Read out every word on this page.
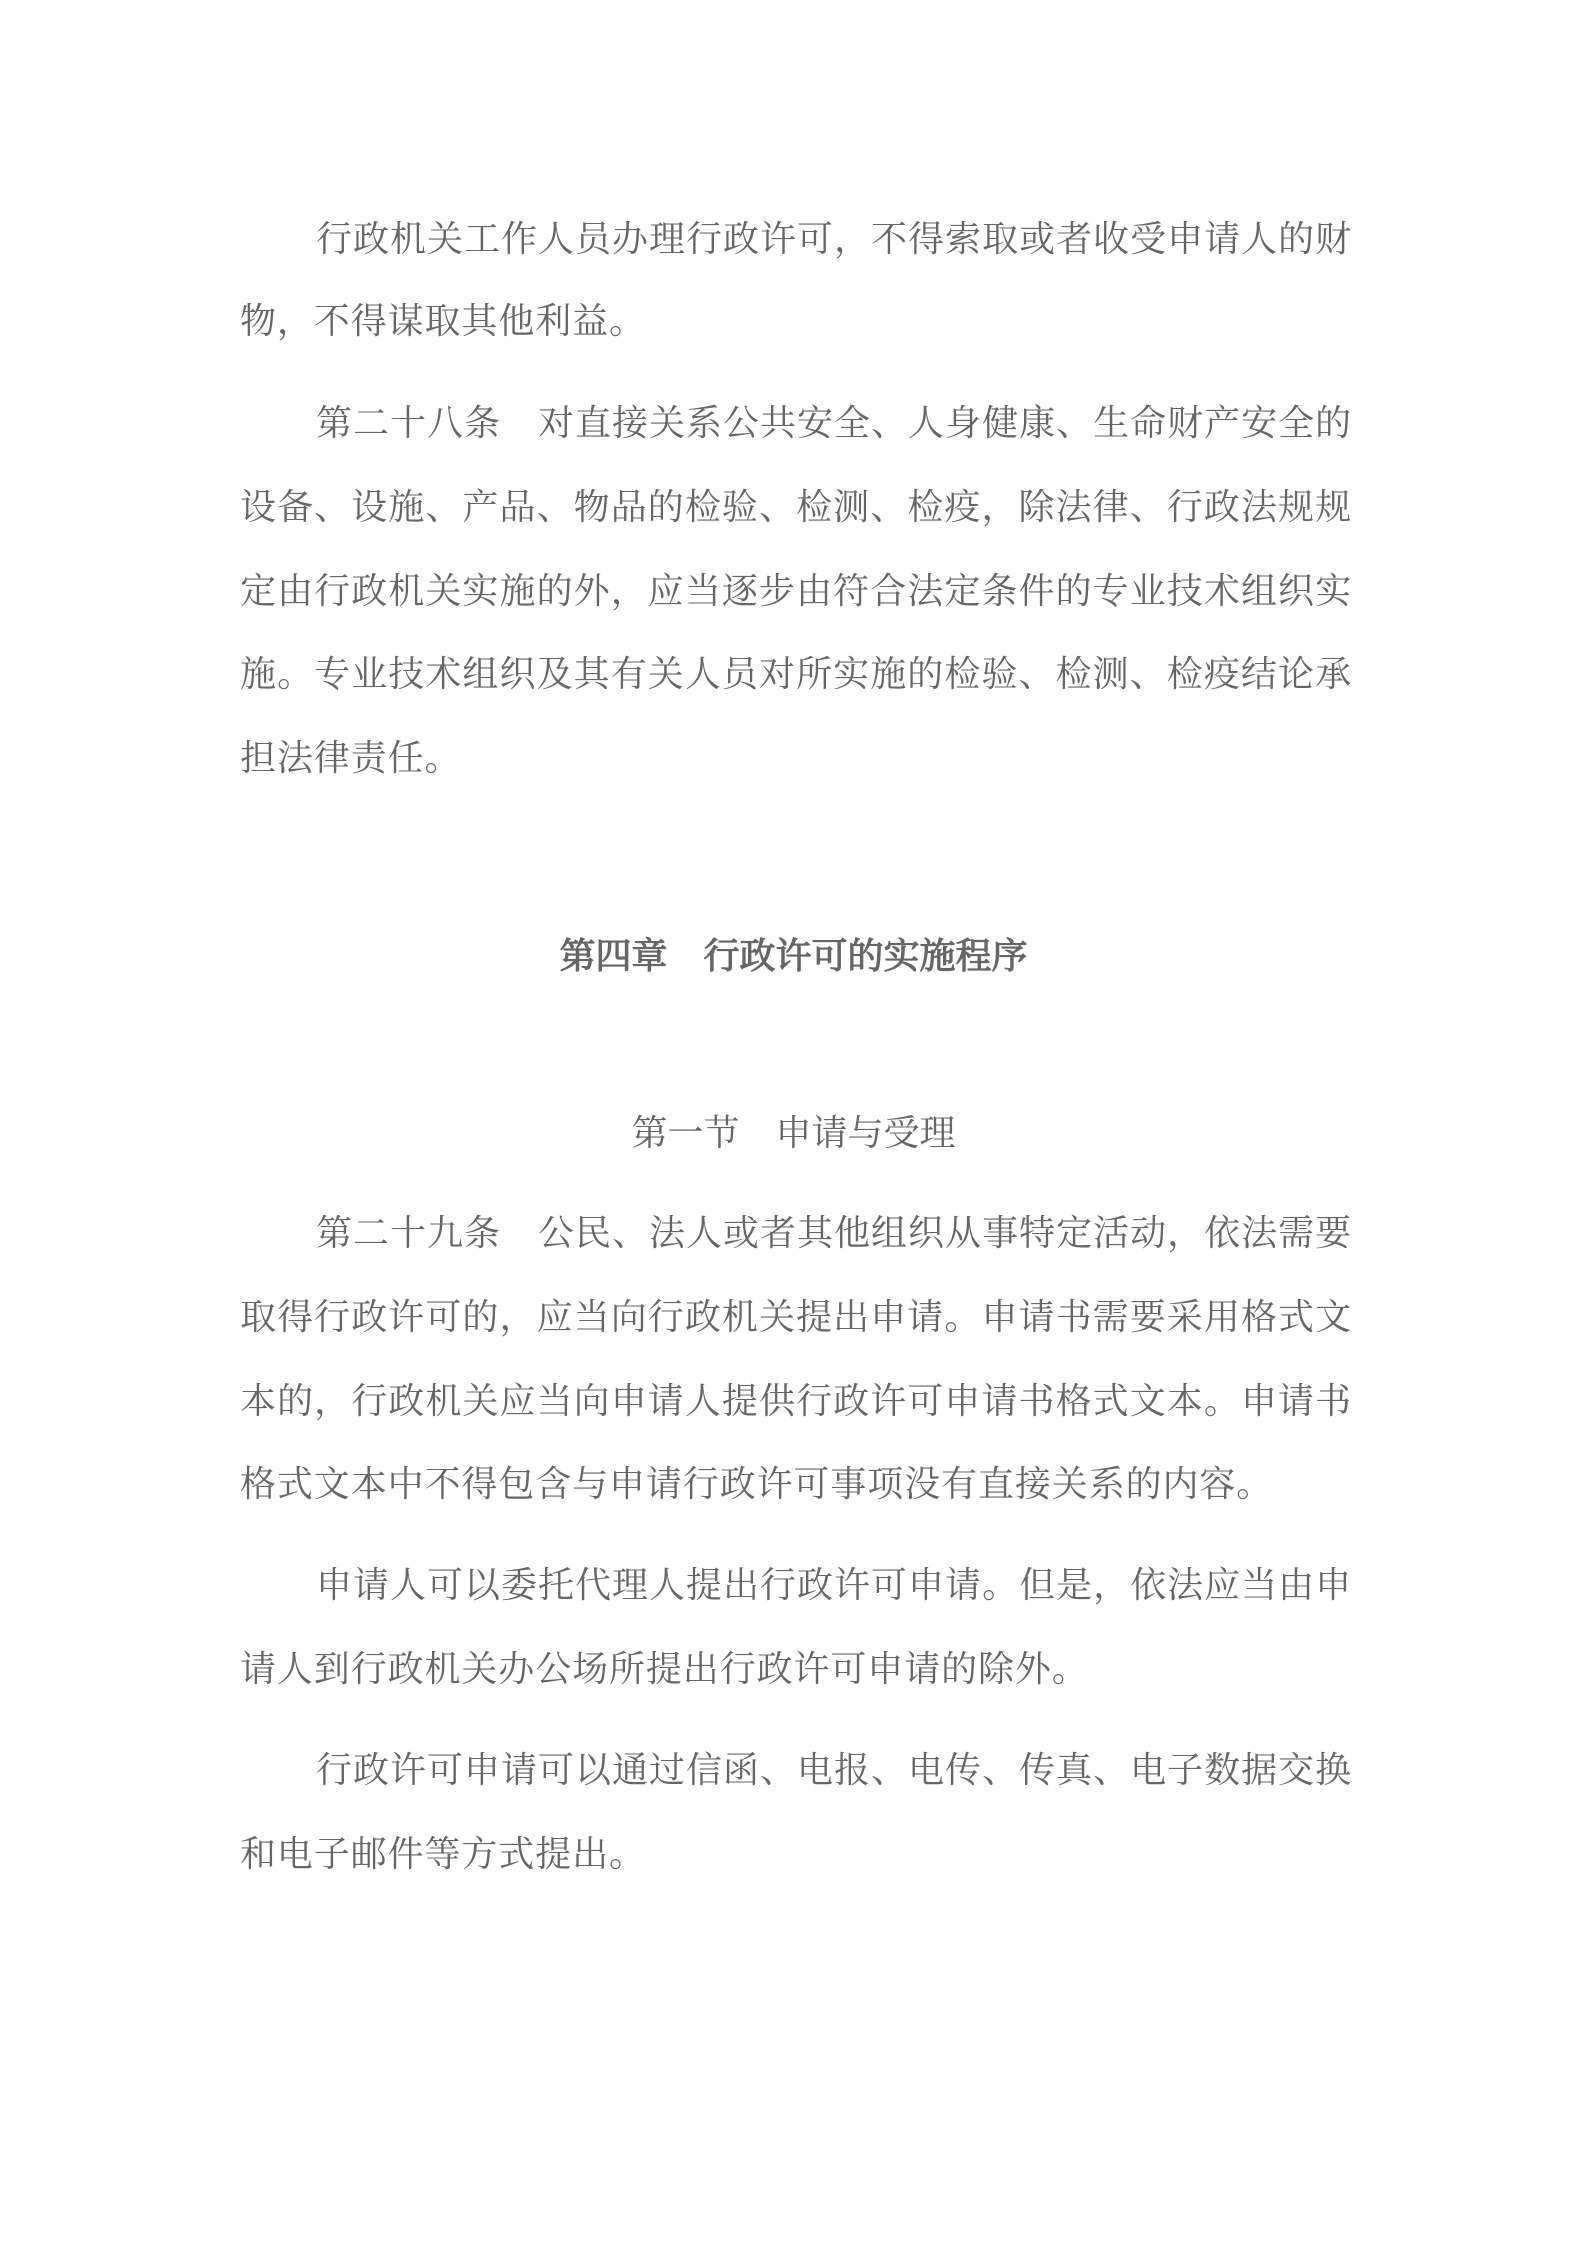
行政机关工作人员办理行政许可，不得索取或者收受申请人的财
物，不得谋取其他利益。
第二十八条　对直接关系公共安全、人身健康、生命财产安全的
设备、设施、产品、物品的检验、检测、检疫，除法律、行政法规规
定由行政机关实施的外，应当逐步由符合法定条件的专业技术组织实
施。专业技术组织及其有关人员对所实施的检验、检测、检疫结论承
担法律责任。
第四章　行政许可的实施程序
第一节　申请与受理
第二十九条　公民、法人或者其他组织从事特定活动，依法需要
取得行政许可的，应当向行政机关提出申请。申请书需要采用格式文
本的，行政机关应当向申请人提供行政许可申请书格式文本。申请书
格式文本中不得包含与申请行政许可事项没有直接关系的内容。
申请人可以委托代理人提出行政许可申请。但是，依法应当由申
请人到行政机关办公场所提出行政许可申请的除外。
行政许可申请可以通过信函、电报、电传、传真、电子数据交换
和电子邮件等方式提出。
